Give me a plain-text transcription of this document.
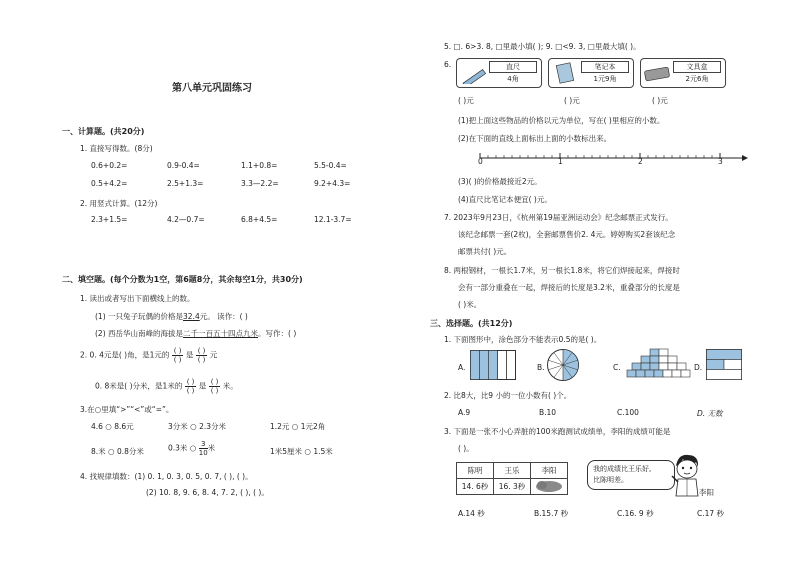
第八单元巩固练习
一、计算题。(共20分)
1. 直接写得数。(8分)
0.6+0.2=	0.9-0.4=	1.1+0.8=	5.5-0.4=
0.5+4.2=	2.5+1.3=	3.3—2.2=	9.2+4.3=
2. 用竖式计算。(12分)
2.3+1.5=	4.2—0.7=	6.8+4.5=	12.1-3.7=
二、填空题。(每个分数为1空，第6题8分，其余每空1分，共30分)
1. 读出或者写出下面横线上的数。
(1) 一只兔子玩偶的价格是32.4元。 读作：( )
(2) 西岳华山南峰的海拔是二千一百五十四点九米。写作：( )
2. 0. 4元是( )角，是1元的 $\frac{( )}{( )}$ 是 $\frac{( )}{( )}$ 元
0. 8米是( )分米，是1米的 $\frac{( )}{( )}$ 是 $\frac{( )}{( )}$ 米。
3.在○里填“>”“<”或“=”。
4.6 ○ 8.6元	3分米 ○ 2.3分米	1.2元 ○ 1元2角
8.米 ○ 0.8分米	0.3米 ○ $\frac{3}{10}$ 米	1米5厘米 ○ 1.5米
4. 找规律填数：(1) 0. 1, 0. 3, 0. 5, 0. 7, ( ), ( )。
(2) 10. 8, 9. 6, 8. 4, 7. 2, ( ), ( )。
5. □. 6>3. 8, □里最小填( ); 9. □<9. 3, □里最大填( )。
6.	直尺
4角
笔记本
1元9角
文具盒
2元6角
( )元	( )元	( )元
(1)把上面这些物品的价格以元为单位，写在( )里相应的小数。
(2)在下面的直线上面标出上面的小数标出来。
0	1	2	3
(3)( )的价格最接近2元。
(4)直尺比笔记本便宜( )元。
7. 2023年9月23日，《杭州第19届亚洲运动会》纪念邮票正式发行。
该纪念邮票一套(2枚)，全套邮票售价2. 4元。婷婷购买2套该纪念
邮票共付( )元。
8. 两根钢材，一根长1.7米，另一根长1.8米，将它们焊接起来，焊接时
会有一部分重叠在一起，焊接后的长度是3.2米，重叠部分的长度是
( )米。
三、选择题。(共12分)
1. 下面图形中，涂色部分不能表示0.5的是( )。
A.	B.	C.	D.
2. 比8大，比9 小的一位小数有( )个。
A.9	B.10	C.100	D. 无数
3. 下面是一张不小心弄脏的100米跑测试成绩单，李阳的成绩可能是
( )。
陈明	王乐	李阳
14. 6秒	16. 3秒	
我的成绩比王乐好,
比陈明差。
李阳
A.14 秒	B.15.7 秒	C.16. 9 秒	C.17 秒
